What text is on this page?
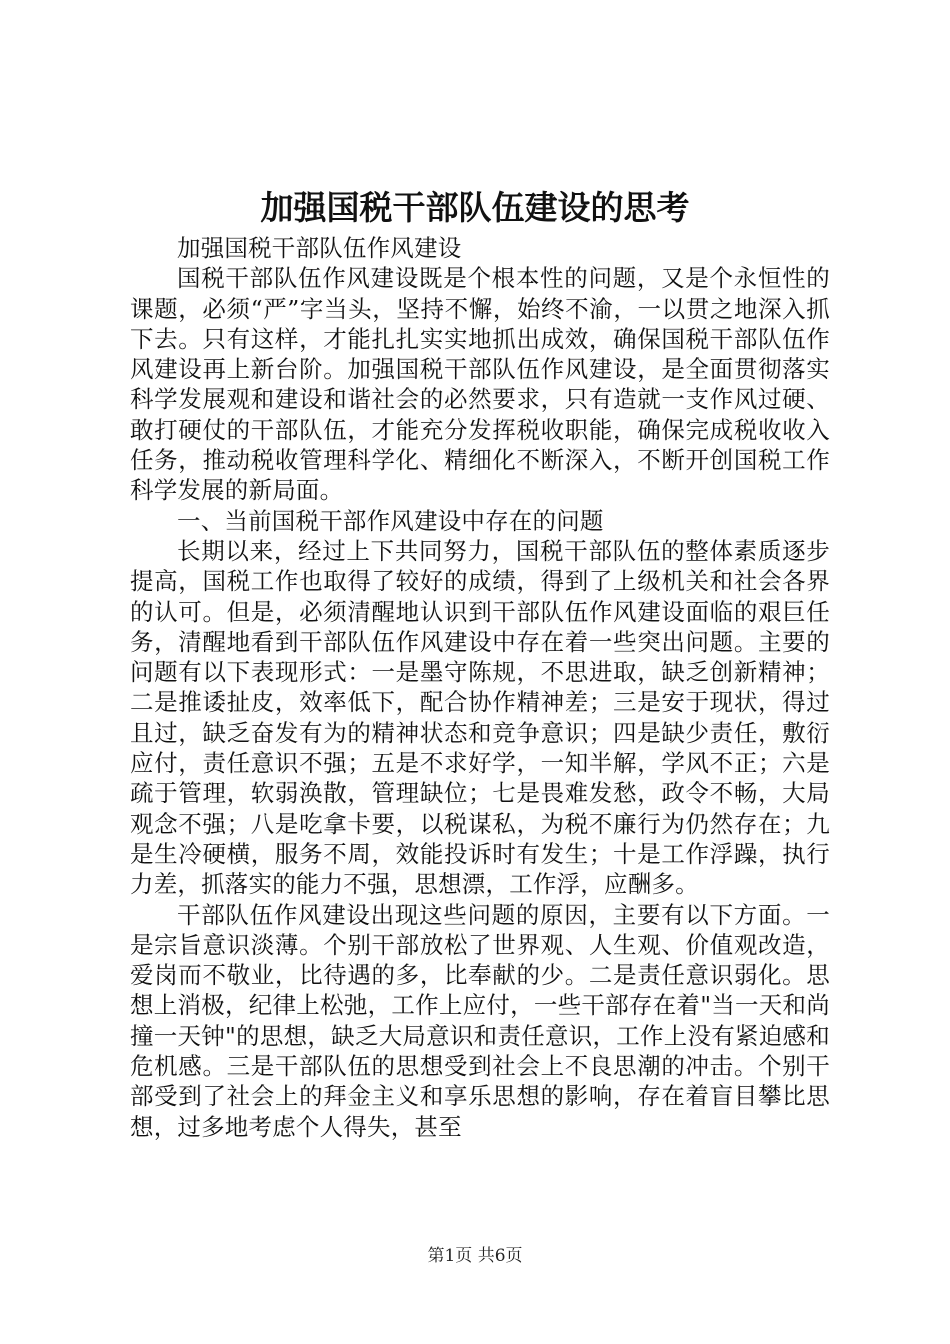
加强国税干部队伍建设的思考

加强国税干部队伍作风建设

国税干部队伍作风建设既是个根本性的问题，又是个永恒性的课题，必须“严”字当头，坚持不懈，始终不渝，一以贯之地深入抓下去。只有这样，才能扎扎实实地抓出成效，确保国税干部队伍作风建设再上新台阶。加强国税干部队伍作风建设，是全面贯彻落实科学发展观和建设和谐社会的必然要求，只有造就一支作风过硬、敢打硬仗的干部队伍，才能充分发挥税收职能，确保完成税收收入任务，推动税收管理科学化、精细化不断深入，不断开创国税工作科学发展的新局面。

一、当前国税干部作风建设中存在的问题

长期以来，经过上下共同努力，国税干部队伍的整体素质逐步提高，国税工作也取得了较好的成绩，得到了上级机关和社会各界的认可。但是，必须清醒地认识到干部队伍作风建设面临的艰巨任务，清醒地看到干部队伍作风建设中存在着一些突出问题。主要的问题有以下表现形式：一是墨守陈规，不思进取，缺乏创新精神；二是推诿扯皮，效率低下，配合协作精神差；三是安于现状，得过且过，缺乏奋发有为的精神状态和竞争意识；四是缺少责任，敷衍应付，责任意识不强；五是不求好学，一知半解，学风不正；六是疏于管理，软弱涣散，管理缺位；七是畏难发愁，政令不畅，大局观念不强；八是吃拿卡要，以税谋私，为税不廉行为仍然存在；九是生冷硬横，服务不周，效能投诉时有发生；十是工作浮躁，执行力差，抓落实的能力不强，思想漂，工作浮，应酬多。

干部队伍作风建设出现这些问题的原因，主要有以下方面。一是宗旨意识淡薄。个别干部放松了世界观、人生观、价值观改造，爱岗而不敬业，比待遇的多，比奉献的少。二是责任意识弱化。思想上消极，纪律上松弛，工作上应付，一些干部存在着"当一天和尚撞一天钟"的思想，缺乏大局意识和责任意识，工作上没有紧迫感和危机感。三是干部队伍的思想受到社会上不良思潮的冲击。个别干部受到了社会上的拜金主义和享乐思想的影响，存在着盲目攀比思想，过多地考虑个人得失，甚至

第1页 共6页
